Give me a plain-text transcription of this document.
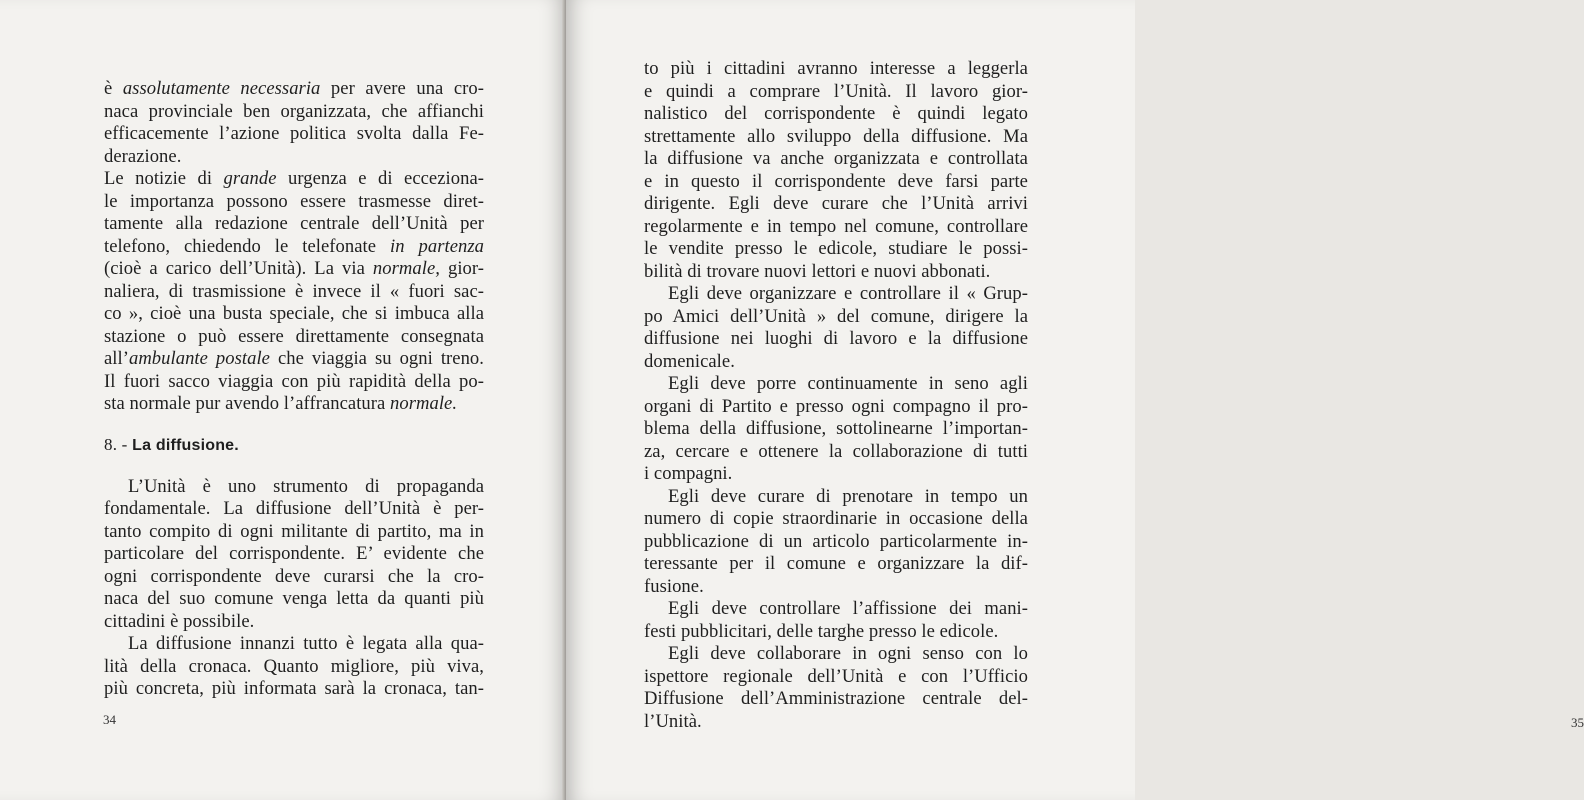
è assolutamente necessaria per avere una cro-
naca provinciale ben organizzata, che affianchi
efficacemente l’azione politica svolta dalla Fe-
derazione.
Le notizie di grande urgenza e di eccezionа-
le importanza possono essere trasmesse diret-
tamente alla redazione centrale dell’Unità per
telefono, chiedendo le telefonate in partenza
(cioè a carico dell’Unità). La via normale, gior-
naliera, di trasmissione è invece il « fuori sac-
co », cioè una busta speciale, che si imbuca alla
stazione o può essere direttamente consegnata
all’ambulante postale che viaggia su ogni treno.
Il fuori sacco viaggia con più rapidità della po-
sta normale pur avendo l’affrancatura normale.
8. - La diffusione.
L’Unità è uno strumento di propaganda
fondamentale. La diffusione dell’Unità è per-
tanto compito di ogni militante di partito, ma in
particolare del corrispondente. E’ evidente che
ogni corrispondente deve curarsi che la cro-
naca del suo comune venga letta da quanti più
cittadini è possibile.
La diffusione innanzi tutto è legata alla qua-
lità della cronaca. Quanto migliore, più viva,
più concreta, più informata sarà la cronaca, tan-
34	35
to più i cittadini avranno interesse a leggerla
e quindi a comprare l’Unità. Il lavoro gior-
nalistico del corrispondente è quindi legato
strettamente allo sviluppo della diffusione. Ma
la diffusione va anche organizzata e controllata
e in questo il corrispondente deve farsi parte
dirigente. Egli deve curare che l’Unità arrivi
regolarmente e in tempo nel comune, controllare
le vendite presso le edicole, studiare le possi-
bilità di trovare nuovi lettori e nuovi abbonati.
Egli deve organizzare e controllare il « Grup-
po Amici dell’Unità » del comune, dirigere la
diffusione nei luoghi di lavoro e la diffusione
domenicale.
Egli deve porre continuamente in seno agli
organi di Partito e presso ogni compagno il pro-
blema della diffusione, sottolinearne l’importan-
za, cercare e ottenere la collaborazione di tutti
i compagni.
Egli deve curare di prenotare in tempo un
numero di copie straordinarie in occasione della
pubblicazione di un articolo particolarmente in-
teressante per il comune e organizzare la dif-
fusione.
Egli deve controllare l’affissione dei mani-
festi pubblicitari, delle targhe presso le edicole.
Egli deve collaborare in ogni senso con lo
ispettore regionale dell’Unità e con l’Ufficio
Diffusione dell’Amministrazione centrale del-
l’Unità.
